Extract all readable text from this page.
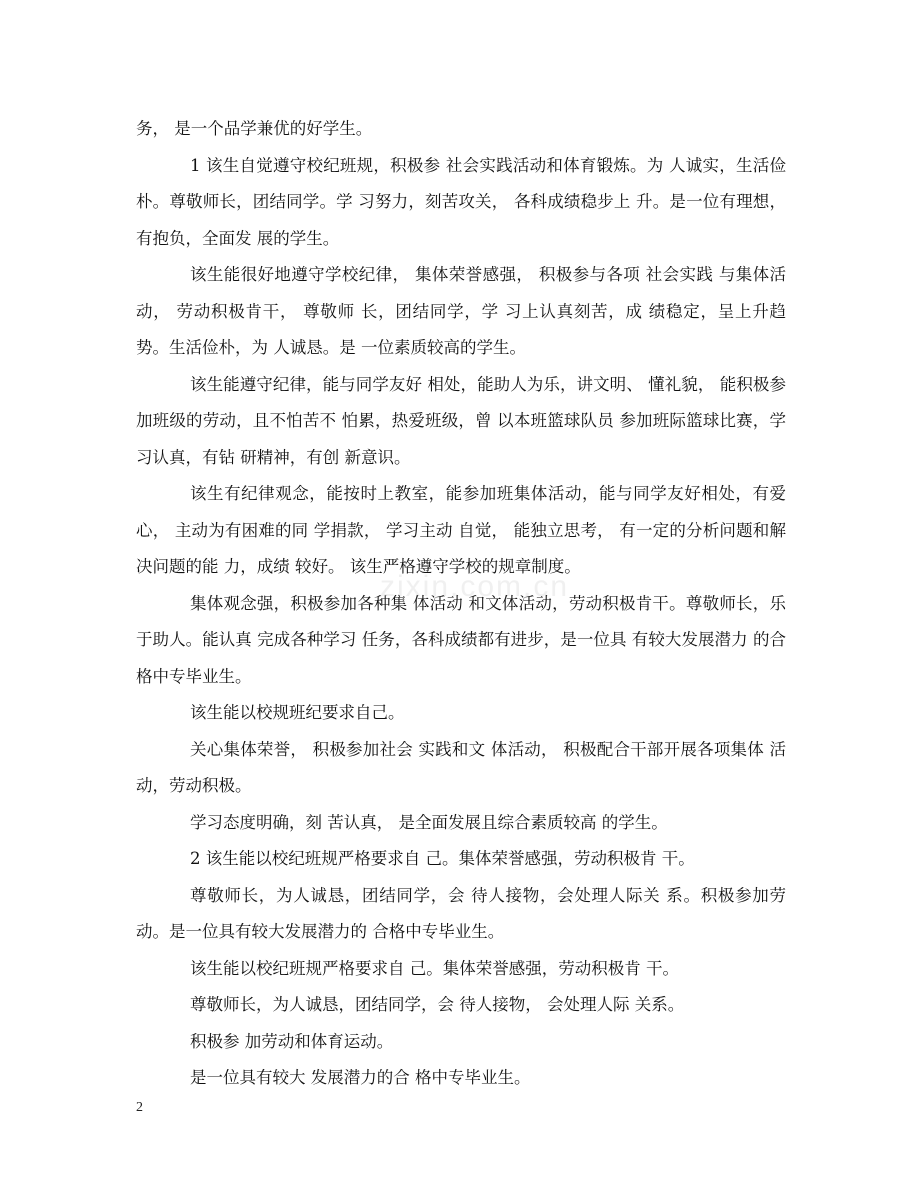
务， 是一个品学兼优的好学生。

1 该生自觉遵守校纪班规，积极参 社会实践活动和体育锻炼。为 人诚实，生活俭朴。尊敬师长，团结同学。学 习努力，刻苦攻关， 各科成绩稳步上 升。是一位有理想，有抱负，全面发 展的学生。

该生能很好地遵守学校纪律， 集体荣誉感强， 积极参与各项 社会实践 与集体活动， 劳动积极肯干， 尊敬师 长，团结同学，学 习上认真刻苦，成 绩稳定，呈上升趋势。生活俭朴，为 人诚恳。是 一位素质较高的学生。

该生能遵守纪律，能与同学友好 相处，能助人为乐，讲文明、 懂礼貌， 能积极参加班级的劳动，且不怕苦不 怕累，热爱班级，曾 以本班篮球队员 参加班际篮球比赛，学习认真，有钻 研精神，有创 新意识。

该生有纪律观念，能按时上教室，能参加班集体活动，能与同学友好相处，有爱心， 主动为有困难的同 学捐款， 学习主动 自觉， 能独立思考， 有一定的分析问题和解决问题的能 力，成绩 较好。 该生严格遵守学校的规章制度。

集体观念强，积极参加各种集 体活动 和文体活动，劳动积极肯干。尊敬师长，乐于助人。能认真 完成各种学习 任务，各科成绩都有进步，是一位具 有较大发展潜力 的合格中专毕业生。

该生能以校规班纪要求自己。

关心集体荣誉， 积极参加社会 实践和文 体活动， 积极配合干部开展各项集体 活动，劳动积极。

学习态度明确，刻 苦认真， 是全面发展且综合素质较高 的学生。

2 该生能以校纪班规严格要求自 己。集体荣誉感强，劳动积极肯 干。

尊敬师长，为人诚恳，团结同学，会 待人接物，会处理人际关 系。积极参加劳动。是一位具有较大发展潜力的 合格中专毕业生。

该生能以校纪班规严格要求自 己。集体荣誉感强，劳动积极肯 干。

尊敬师长，为人诚恳，团结同学，会 待人接物， 会处理人际 关系。

积极参 加劳动和体育运动。

是一位具有较大 发展潜力的合 格中专毕业生。

zixin.com.cn
2
